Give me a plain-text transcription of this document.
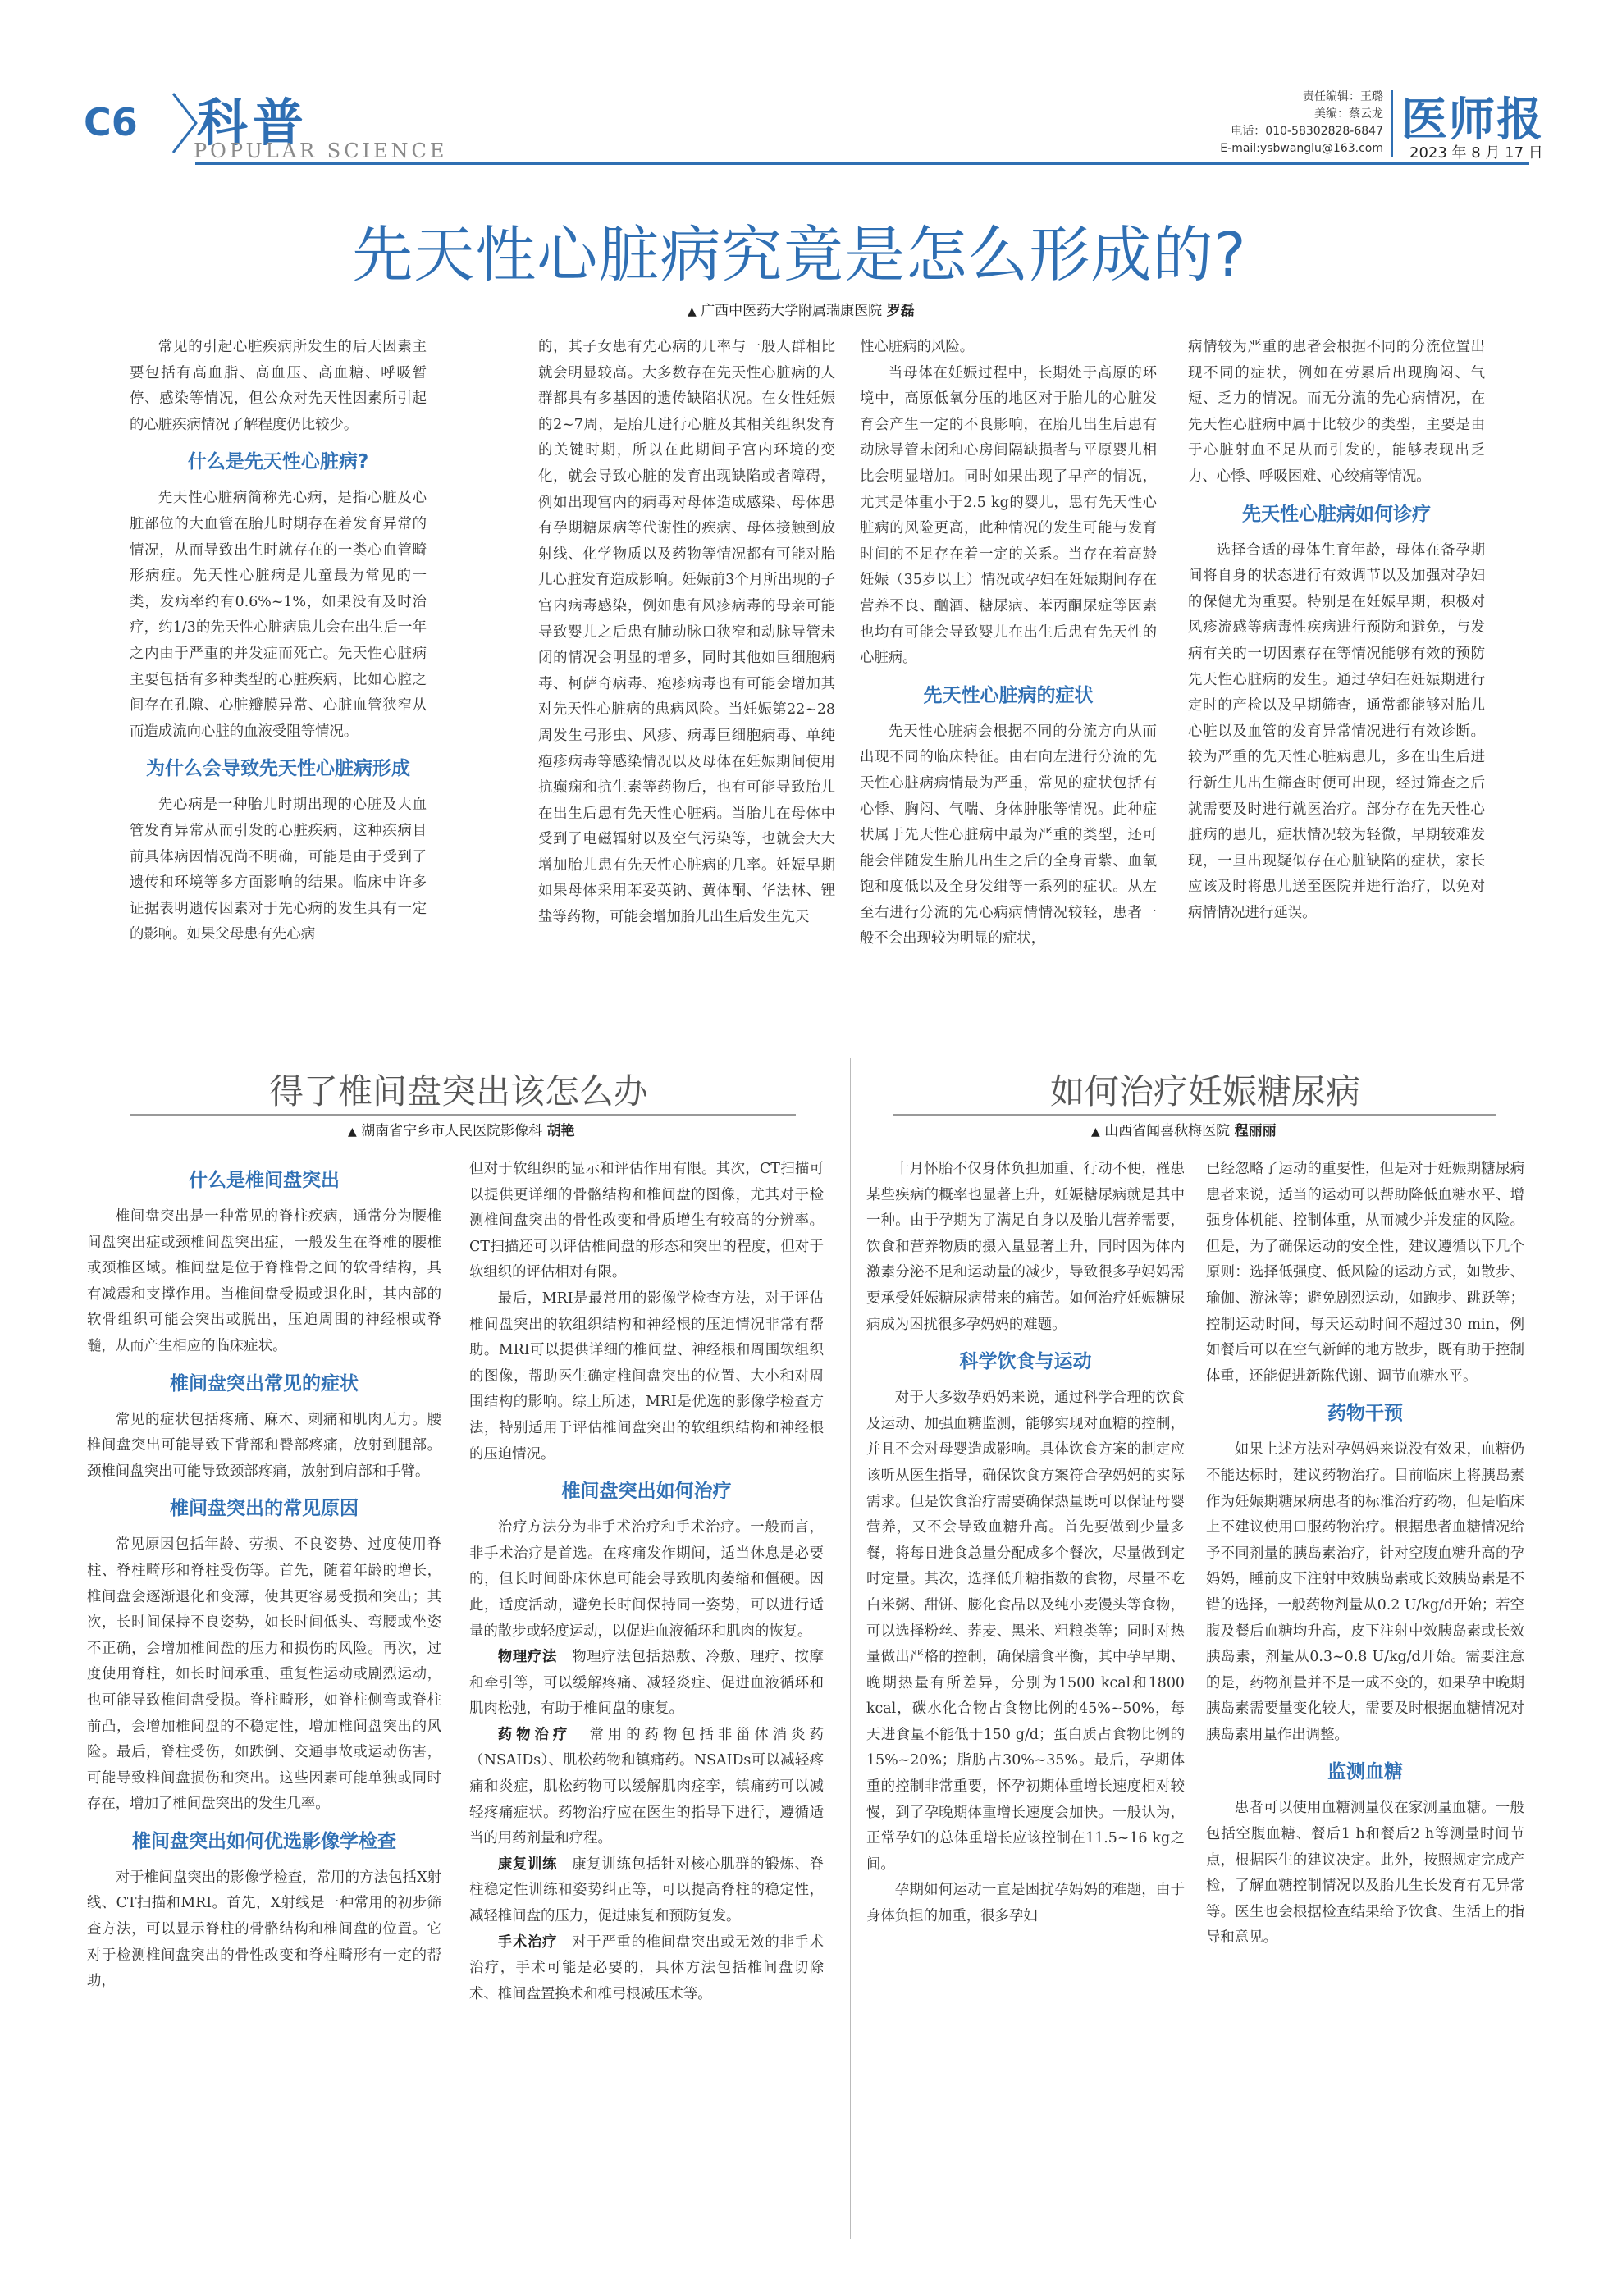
C6 科普
POPULAR SCIENCE
责任编辑：王璐
美编：蔡云龙
电话：010-58302828-6847
E-mail:ysbwanglu@163.com
医师报
2023 年 8 月 17 日
先天性心脏病究竟是怎么形成的?
▲ 广西中医药大学附属瑞康医院 罗磊

常见的引起心脏疾病所发生的后天因素主要包括有高血脂、高血压、高血糖、呼吸暂停、感染等情况，但公众对先天性因素所引起的心脏疾病情况了解程度仍比较少。

什么是先天性心脏病?

先天性心脏病简称先心病，是指心脏及心脏部位的大血管在胎儿时期存在着发育异常的情况，从而导致出生时就存在的一类心血管畸形病症。先天性心脏病是儿童最为常见的一类，发病率约有0.6%~1%，如果没有及时治疗，约1/3的先天性心脏病患儿会在出生后一年之内由于严重的并发症而死亡。先天性心脏病主要包括有多种类型的心脏疾病，比如心腔之间存在孔隙、心脏瓣膜异常、心脏血管狭窄从而造成流向心脏的血液受阻等情况。

为什么会导致先天性心脏病形成

先心病是一种胎儿时期出现的心脏及大血管发育异常从而引发的心脏疾病，这种疾病目前具体病因情况尚不明确，可能是由于受到了遗传和环境等多方面影响的结果。临床中许多证据表明遗传因素对于先心病的发生具有一定的影响。如果父母患有先心病

的，其子女患有先心病的几率与一般人群相比就会明显较高。大多数存在先天性心脏病的人群都具有多基因的遗传缺陷状况。在女性妊娠的2~7周，是胎儿进行心脏及其相关组织发育的关键时期，所以在此期间子宫内环境的变化，就会导致心脏的发育出现缺陷或者障碍，例如出现宫内的病毒对母体造成感染、母体患有孕期糖尿病等代谢性的疾病、母体接触到放射线、化学物质以及药物等情况都有可能对胎儿心脏发育造成影响。妊娠前3个月所出现的子宫内病毒感染，例如患有风疹病毒的母亲可能导致婴儿之后患有肺动脉口狭窄和动脉导管未闭的情况会明显的增多，同时其他如巨细胞病毒、柯萨奇病毒、疱疹病毒也有可能会增加其对先天性心脏病的患病风险。当妊娠第22~28周发生弓形虫、风疹、病毒巨细胞病毒、单纯疱疹病毒等感染情况以及母体在妊娠期间使用抗癫痫和抗生素等药物后，也有可能导致胎儿在出生后患有先天性心脏病。当胎儿在母体中受到了电磁辐射以及空气污染等，也就会大大增加胎儿患有先天性心脏病的几率。妊娠早期如果母体采用苯妥英钠、黄体酮、华法林、锂盐等药物，可能会增加胎儿出生后发生先天

性心脏病的风险。

当母体在妊娠过程中，长期处于高原的环境中，高原低氧分压的地区对于胎儿的心脏发育会产生一定的不良影响，在胎儿出生后患有动脉导管未闭和心房间隔缺损者与平原婴儿相比会明显增加。同时如果出现了早产的情况，尤其是体重小于2.5 kg的婴儿，患有先天性心脏病的风险更高，此种情况的发生可能与发育时间的不足存在着一定的关系。当存在着高龄妊娠（35岁以上）情况或孕妇在妊娠期间存在营养不良、酗酒、糖尿病、苯丙酮尿症等因素也均有可能会导致婴儿在出生后患有先天性的心脏病。

先天性心脏病的症状

先天性心脏病会根据不同的分流方向从而出现不同的临床特征。由右向左进行分流的先天性心脏病病情最为严重，常见的症状包括有心悸、胸闷、气喘、身体肿胀等情况。此种症状属于先天性心脏病中最为严重的类型，还可能会伴随发生胎儿出生之后的全身青紫、血氧饱和度低以及全身发绀等一系列的症状。从左至右进行分流的先心病病情情况较轻，患者一般不会出现较为明显的症状，

病情较为严重的患者会根据不同的分流位置出现不同的症状，例如在劳累后出现胸闷、气短、乏力的情况。而无分流的先心病情况，在先天性心脏病中属于比较少的类型，主要是由于心脏射血不足从而引发的，能够表现出乏力、心悸、呼吸困难、心绞痛等情况。

先天性心脏病如何诊疗

选择合适的母体生育年龄，母体在备孕期间将自身的状态进行有效调节以及加强对孕妇的保健尤为重要。特别是在妊娠早期，积极对风疹流感等病毒性疾病进行预防和避免，与发病有关的一切因素存在等情况能够有效的预防先天性心脏病的发生。通过孕妇在妊娠期进行定时的产检以及早期筛查，通常都能够对胎儿心脏以及血管的发育异常情况进行有效诊断。较为严重的先天性心脏病患儿，多在出生后进行新生儿出生筛查时便可出现，经过筛查之后就需要及时进行就医治疗。部分存在先天性心脏病的患儿，症状情况较为轻微，早期较难发现，一旦出现疑似存在心脏缺陷的症状，家长应该及时将患儿送至医院并进行治疗，以免对病情情况进行延误。

得了椎间盘突出该怎么办
▲ 湖南省宁乡市人民医院影像科 胡艳
什么是椎间盘突出

椎间盘突出是一种常见的脊柱疾病，通常分为腰椎间盘突出症或颈椎间盘突出症，一般发生在脊椎的腰椎或颈椎区域。椎间盘是位于脊椎骨之间的软骨结构，具有减震和支撑作用。当椎间盘受损或退化时，其内部的软骨组织可能会突出或脱出，压迫周围的神经根或脊髓，从而产生相应的临床症状。

椎间盘突出常见的症状

常见的症状包括疼痛、麻木、刺痛和肌肉无力。腰椎间盘突出可能导致下背部和臀部疼痛，放射到腿部。颈椎间盘突出可能导致颈部疼痛，放射到肩部和手臂。

椎间盘突出的常见原因

常见原因包括年龄、劳损、不良姿势、过度使用脊柱、脊柱畸形和脊柱受伤等。首先，随着年龄的增长，椎间盘会逐渐退化和变薄，使其更容易受损和突出；其次，长时间保持不良姿势，如长时间低头、弯腰或坐姿不正确，会增加椎间盘的压力和损伤的风险。再次，过度使用脊柱，如长时间承重、重复性运动或剧烈运动，也可能导致椎间盘受损。脊柱畸形，如脊柱侧弯或脊柱前凸，会增加椎间盘的不稳定性，增加椎间盘突出的风险。最后，脊柱受伤，如跌倒、交通事故或运动伤害，可能导致椎间盘损伤和突出。这些因素可能单独或同时存在，增加了椎间盘突出的发生几率。

椎间盘突出如何优选影像学检查

对于椎间盘突出的影像学检查，常用的方法包括X射线、CT扫描和MRI。首先，X射线是一种常用的初步筛查方法，可以显示脊柱的骨骼结构和椎间盘的位置。它对于检测椎间盘突出的骨性改变和脊柱畸形有一定的帮助，

但对于软组织的显示和评估作用有限。其次，CT扫描可以提供更详细的骨骼结构和椎间盘的图像，尤其对于检测椎间盘突出的骨性改变和骨质增生有较高的分辨率。CT扫描还可以评估椎间盘的形态和突出的程度，但对于软组织的评估相对有限。

最后，MRI是最常用的影像学检查方法，对于评估椎间盘突出的软组织结构和神经根的压迫情况非常有帮助。MRI可以提供详细的椎间盘、神经根和周围软组织的图像，帮助医生确定椎间盘突出的位置、大小和对周围结构的影响。综上所述，MRI是优选的影像学检查方法，特别适用于评估椎间盘突出的软组织结构和神经根的压迫情况。

椎间盘突出如何治疗

治疗方法分为非手术治疗和手术治疗。一般而言，非手术治疗是首选。在疼痛发作期间，适当休息是必要的，但长时间卧床休息可能会导致肌肉萎缩和僵硬。因此，适度活动，避免长时间保持同一姿势，可以进行适量的散步或轻度运动，以促进血液循环和肌肉的恢复。

物理疗法 物理疗法包括热敷、冷敷、理疗、按摩和牵引等，可以缓解疼痛、减轻炎症、促进血液循环和肌肉松弛，有助于椎间盘的康复。

药物治疗 常用的药物包括非甾体消炎药（NSAIDs）、肌松药物和镇痛药。NSAIDs可以减轻疼痛和炎症，肌松药物可以缓解肌肉痉挛，镇痛药可以减轻疼痛症状。药物治疗应在医生的指导下进行，遵循适当的用药剂量和疗程。

康复训练 康复训练包括针对核心肌群的锻炼、脊柱稳定性训练和姿势纠正等，可以提高脊柱的稳定性，减轻椎间盘的压力，促进康复和预防复发。

手术治疗 对于严重的椎间盘突出或无效的非手术治疗，手术可能是必要的，具体方法包括椎间盘切除术、椎间盘置换术和椎弓根减压术等。

如何治疗妊娠糖尿病
▲ 山西省闻喜秋梅医院 程丽丽

十月怀胎不仅身体负担加重、行动不便，罹患某些疾病的概率也显著上升，妊娠糖尿病就是其中一种。由于孕期为了满足自身以及胎儿营养需要，饮食和营养物质的摄入量显著上升，同时因为体内激素分泌不足和运动量的减少，导致很多孕妈妈需要承受妊娠糖尿病带来的痛苦。如何治疗妊娠糖尿病成为困扰很多孕妈妈的难题。

科学饮食与运动

对于大多数孕妈妈来说，通过科学合理的饮食及运动、加强血糖监测，能够实现对血糖的控制，并且不会对母婴造成影响。具体饮食方案的制定应该听从医生指导，确保饮食方案符合孕妈妈的实际需求。但是饮食治疗需要确保热量既可以保证母婴营养，又不会导致血糖升高。首先要做到少量多餐，将每日进食总量分配成多个餐次，尽量做到定时定量。其次，选择低升糖指数的食物，尽量不吃白米粥、甜饼、膨化食品以及纯小麦馒头等食物，可以选择粉丝、荞麦、黑米、粗粮类等；同时对热量做出严格的控制，确保膳食平衡，其中孕早期、晚期热量有所差异，分别为1500 kcal和1800 kcal，碳水化合物占食物比例的45%~50%，每天进食量不能低于150 g/d；蛋白质占食物比例的15%~20%；脂肪占30%~35%。最后，孕期体重的控制非常重要，怀孕初期体重增长速度相对较慢，到了孕晚期体重增长速度会加快。一般认为，正常孕妇的总体重增长应该控制在11.5~16 kg之间。

孕期如何运动一直是困扰孕妈妈的难题，由于身体负担的加重，很多孕妇

已经忽略了运动的重要性，但是对于妊娠期糖尿病患者来说，适当的运动可以帮助降低血糖水平、增强身体机能、控制体重，从而减少并发症的风险。但是，为了确保运动的安全性，建议遵循以下几个原则：选择低强度、低风险的运动方式，如散步、瑜伽、游泳等；避免剧烈运动，如跑步、跳跃等；控制运动时间，每天运动时间不超过30 min，例如餐后可以在空气新鲜的地方散步，既有助于控制体重，还能促进新陈代谢、调节血糖水平。

药物干预

如果上述方法对孕妈妈来说没有效果，血糖仍不能达标时，建议药物治疗。目前临床上将胰岛素作为妊娠期糖尿病患者的标准治疗药物，但是临床上不建议使用口服药物治疗。根据患者血糖情况给予不同剂量的胰岛素治疗，针对空腹血糖升高的孕妈妈，睡前皮下注射中效胰岛素或长效胰岛素是不错的选择，一般药物剂量从0.2 U/kg/d开始；若空腹及餐后血糖均升高，皮下注射中效胰岛素或长效胰岛素，剂量从0.3~0.8 U/kg/d开始。需要注意的是，药物剂量并不是一成不变的，如果孕中晚期胰岛素需要量变化较大，需要及时根据血糖情况对胰岛素用量作出调整。

监测血糖

患者可以使用血糖测量仪在家测量血糖。一般包括空腹血糖、餐后1 h和餐后2 h等测量时间节点，根据医生的建议决定。此外，按照规定完成产检，了解血糖控制情况以及胎儿生长发育有无异常等。医生也会根据检查结果给予饮食、生活上的指导和意见。
